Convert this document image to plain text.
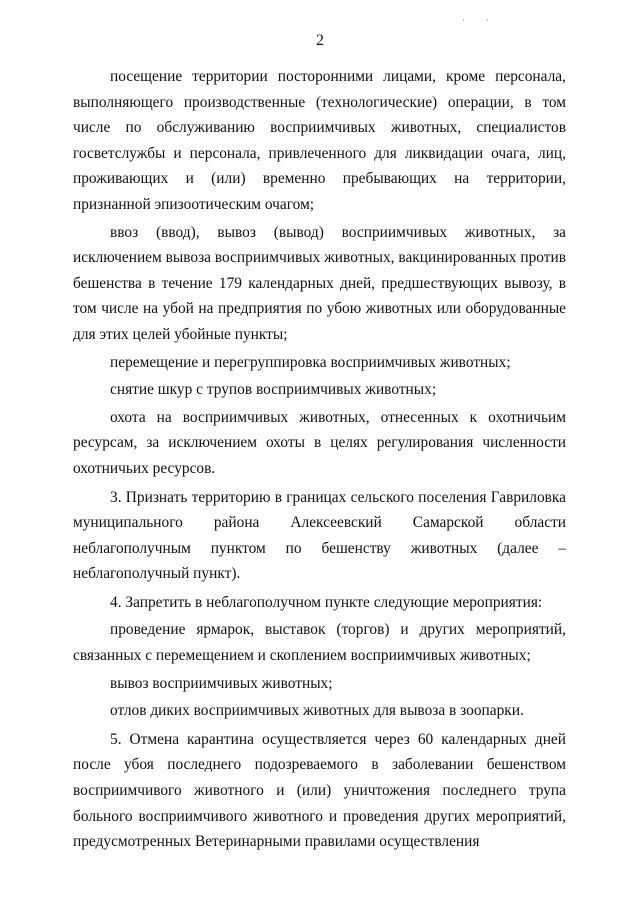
' '
2

посещение территории посторонними лицами, кроме персонала, выполняющего производственные (технологические) операции, в том числе по обслуживанию восприимчивых животных, специалистов госветслужбы и персонала, привлеченного для ликвидации очага, лиц, проживающих и (или) временно пребывающих на территории, признанной эпизоотическим очагом;

ввоз (ввод), вывоз (вывод) восприимчивых животных, за исключением вывоза восприимчивых животных, вакцинированных против бешенства в течение 179 календарных дней, предшествующих вывозу, в том числе на убой на предприятия по убою животных или оборудованные для этих целей убойные пункты;

перемещение и перегруппировка восприимчивых животных;

снятие шкур с трупов восприимчивых животных;

охота на восприимчивых животных, отнесенных к охотничьим ресурсам, за исключением охоты в целях регулирования численности охотничьих ресурсов.

3. Признать территорию в границах сельского поселения Гавриловка муниципального района Алексеевский Самарской области неблагополучным пунктом по бешенству животных (далее – неблагополучный пункт).

4. Запретить в неблагополучном пункте следующие мероприятия:

проведение ярмарок, выставок (торгов) и других мероприятий, связанных с перемещением и скоплением восприимчивых животных;

вывоз восприимчивых животных;

отлов диких восприимчивых животных для вывоза в зоопарки.

5. Отмена карантина осуществляется через 60 календарных дней после убоя последнего подозреваемого в заболевании бешенством восприимчивого животного и (или) уничтожения последнего трупа больного восприимчивого животного и проведения других мероприятий, предусмотренных Ветеринарными правилами осуществления
